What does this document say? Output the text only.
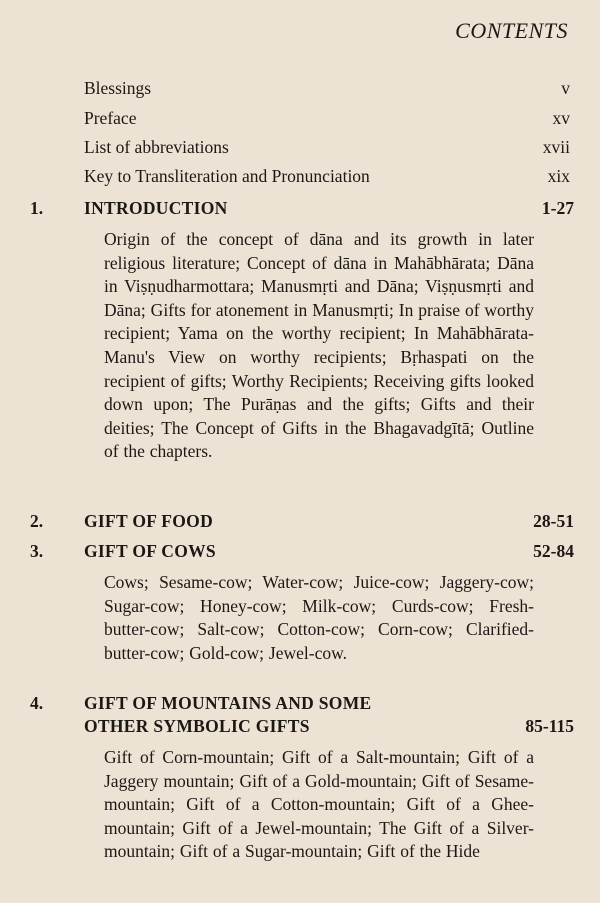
CONTENTS
Blessings	v
Preface	xv
List of abbreviations	xvii
Key to Transliteration and Pronunciation	xix
1.	INTRODUCTION	1-27
Origin of the concept of dāna and its growth in later religious literature; Concept of dāna in Mahābhārata; Dāna in Viṣṇudharmottara; Manusmṛti and Dāna; Viṣṇusmṛti and Dāna; Gifts for atonement in Manusmṛti; In praise of worthy recipient; Yama on the worthy recipient; In Mahābhārata-Manu's View on worthy recipients; Bṛhaspati on the recipient of gifts; Worthy Recipients; Receiving gifts looked down upon; The Purāṇas and the gifts; Gifts and their deities; The Concept of Gifts in the Bhagavadgītā; Outline of the chapters.
2.	GIFT OF FOOD	28-51
3.	GIFT OF COWS	52-84
Cows; Sesame-cow; Water-cow; Juice-cow; Jaggery-cow; Sugar-cow; Honey-cow; Milk-cow; Curds-cow; Fresh-butter-cow; Salt-cow; Cotton-cow; Corn-cow; Clarified-butter-cow; Gold-cow; Jewel-cow.
4.	GIFT OF MOUNTAINS AND SOME
OTHER SYMBOLIC GIFTS	85-115
Gift of Corn-mountain; Gift of a Salt-mountain; Gift of a Jaggery mountain; Gift of a Gold-mountain; Gift of Sesame-mountain; Gift of a Cotton-mountain; Gift of a Ghee-mountain; Gift of a Jewel-mountain; The Gift of a Silver-mountain; Gift of a Sugar-mountain; Gift of the Hide
